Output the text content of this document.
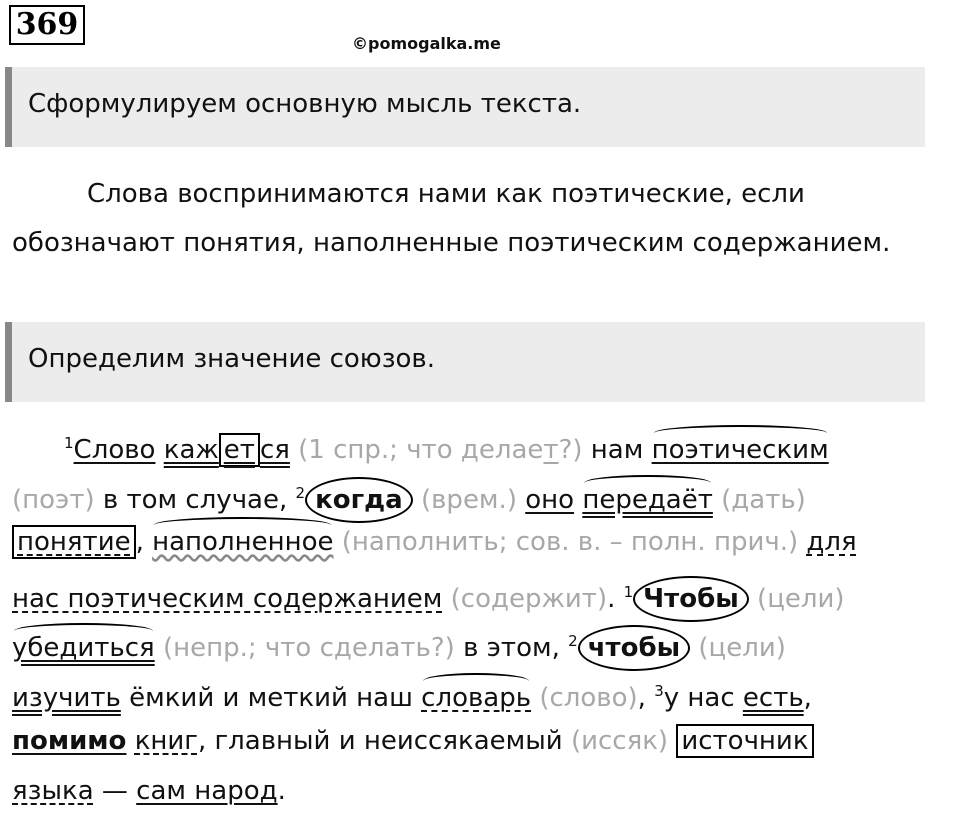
369
©pomogalka.me
Сформулируем основную мысль текста.
Слова воспринимаются нами как поэтические, если обозначают понятия, наполненные поэтическим содержанием.
Определим значение союзов.
$^1$Слово каж ет ся (1 спр.; что делает?) нам поэтическим
(поэт) в том случае, $^2$ когда (врем.) оно передаёт (дать)
понятие , наполненное (наполнить; сов. в. – полн. прич.) для
нас поэтическим содержанием (содержит). $^1$ Чтобы (цели)
убедиться (непр.; что сделать?) в этом, $^2$ чтобы (цели)
изучить ёмкий и меткий наш словарь (слово), $^3$у нас есть,
помимо книг, главный и неиссякаемый (иссяк) источник
языка — сам народ.
